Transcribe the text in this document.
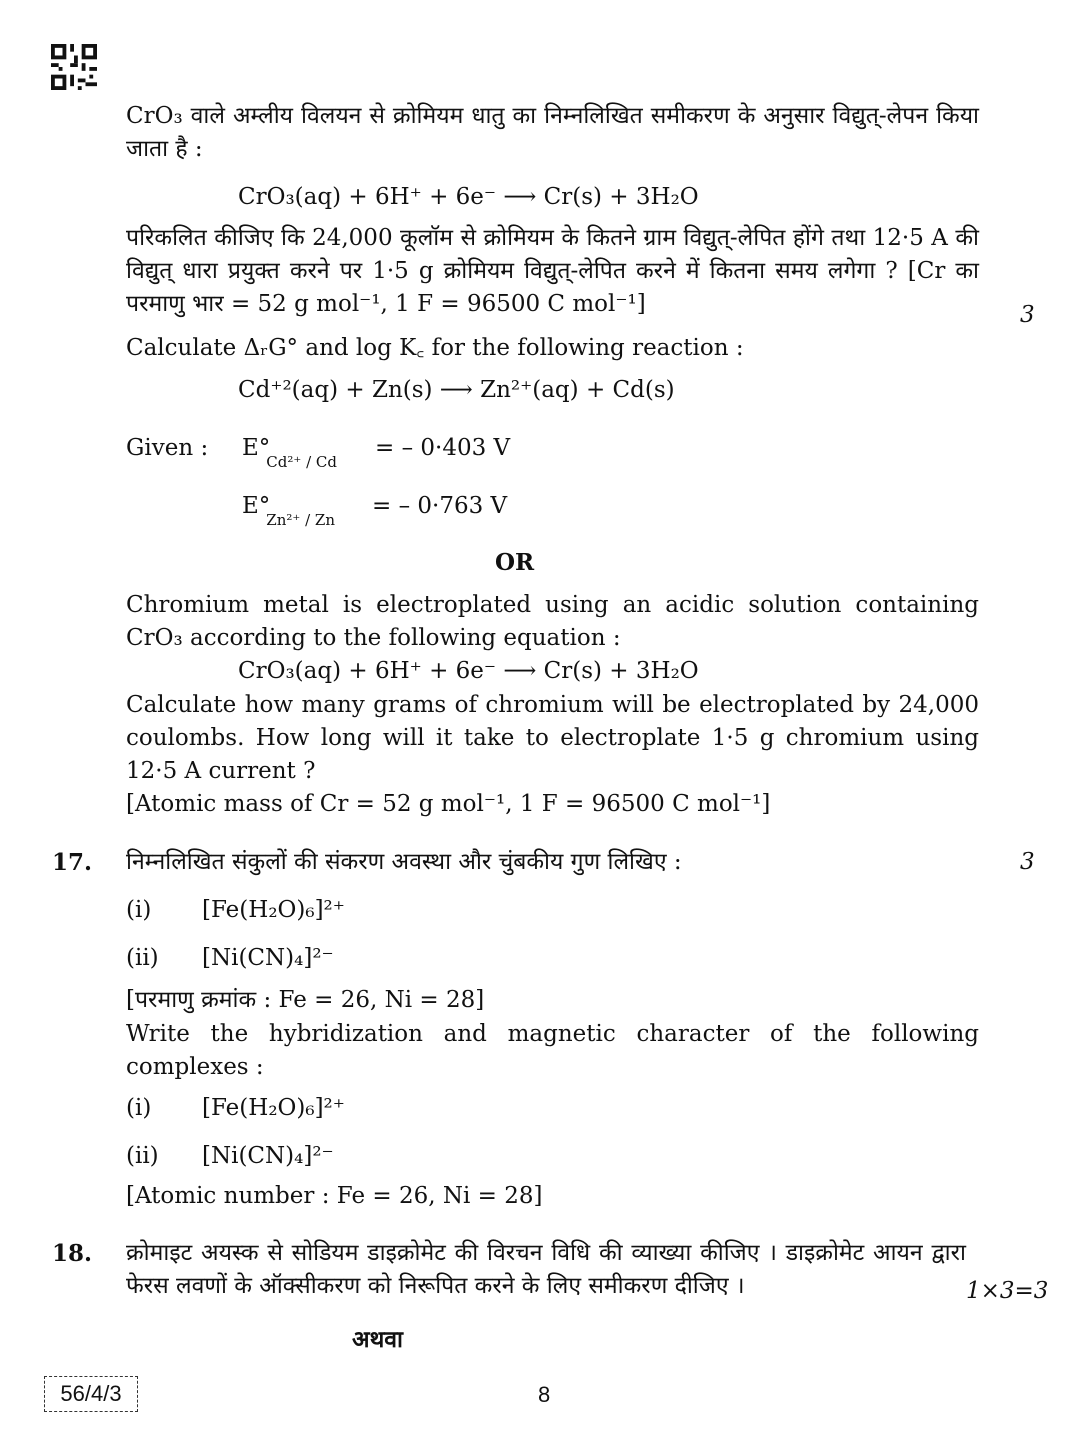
CrO₃ वाले अम्लीय विलयन से क्रोमियम धातु का निम्नलिखित समीकरण के अनुसार विद्युत्-लेपन किया जाता है :
CrO₃(aq) + 6H⁺ + 6e⁻ ⟶ Cr(s) + 3H₂O
परिकलित कीजिए कि 24,000 कूलॉम से क्रोमियम के कितने ग्राम विद्युत्-लेपित होंगे तथा 12·5 A की विद्युत् धारा प्रयुक्त करने पर 1·5 g क्रोमियम विद्युत्-लेपित करने में कितना समय लगेगा ? [Cr का परमाणु भार = 52 g mol⁻¹, 1 F = 96500 C mol⁻¹]	3
Calculate ΔᵣG° and log K꜀ for the following reaction :
Cd⁺²(aq) + Zn(s) ⟶ Zn²⁺(aq) + Cd(s)
Given : $E^\circ_{Cd^{2+} / Cd}$
= – 0·403 V
$E^\circ_{Zn^{2+} / Zn}$
= – 0·763 V
OR
Chromium metal is electroplated using an acidic solution containing CrO₃ according to the following equation :
CrO₃(aq) + 6H⁺ + 6e⁻ ⟶ Cr(s) + 3H₂O
Calculate how many grams of chromium will be electroplated by 24,000 coulombs. How long will it take to electroplate 1·5 g chromium using 12·5 A current ?
[Atomic mass of Cr = 52 g mol⁻¹, 1 F = 96500 C mol⁻¹]
17. निम्नलिखित संकुलों की संकरण अवस्था और चुंबकीय गुण लिखिए :	3
(i) [Fe(H₂O)₆]²⁺
(ii) [Ni(CN)₄]²⁻
[परमाणु क्रमांक : Fe = 26, Ni = 28]
Write the hybridization and magnetic character of the following complexes :
(i) [Fe(H₂O)₆]²⁺
(ii) [Ni(CN)₄]²⁻
[Atomic number : Fe = 26, Ni = 28]
18. क्रोमाइट अयस्क से सोडियम डाइक्रोमेट की विरचन विधि की व्याख्या कीजिए । डाइक्रोमेट आयन द्वारा फेरस लवणों के ऑक्सीकरण को निरूपित करने के लिए समीकरण दीजिए ।	1×3=3
अथवा
56/4/3	8
